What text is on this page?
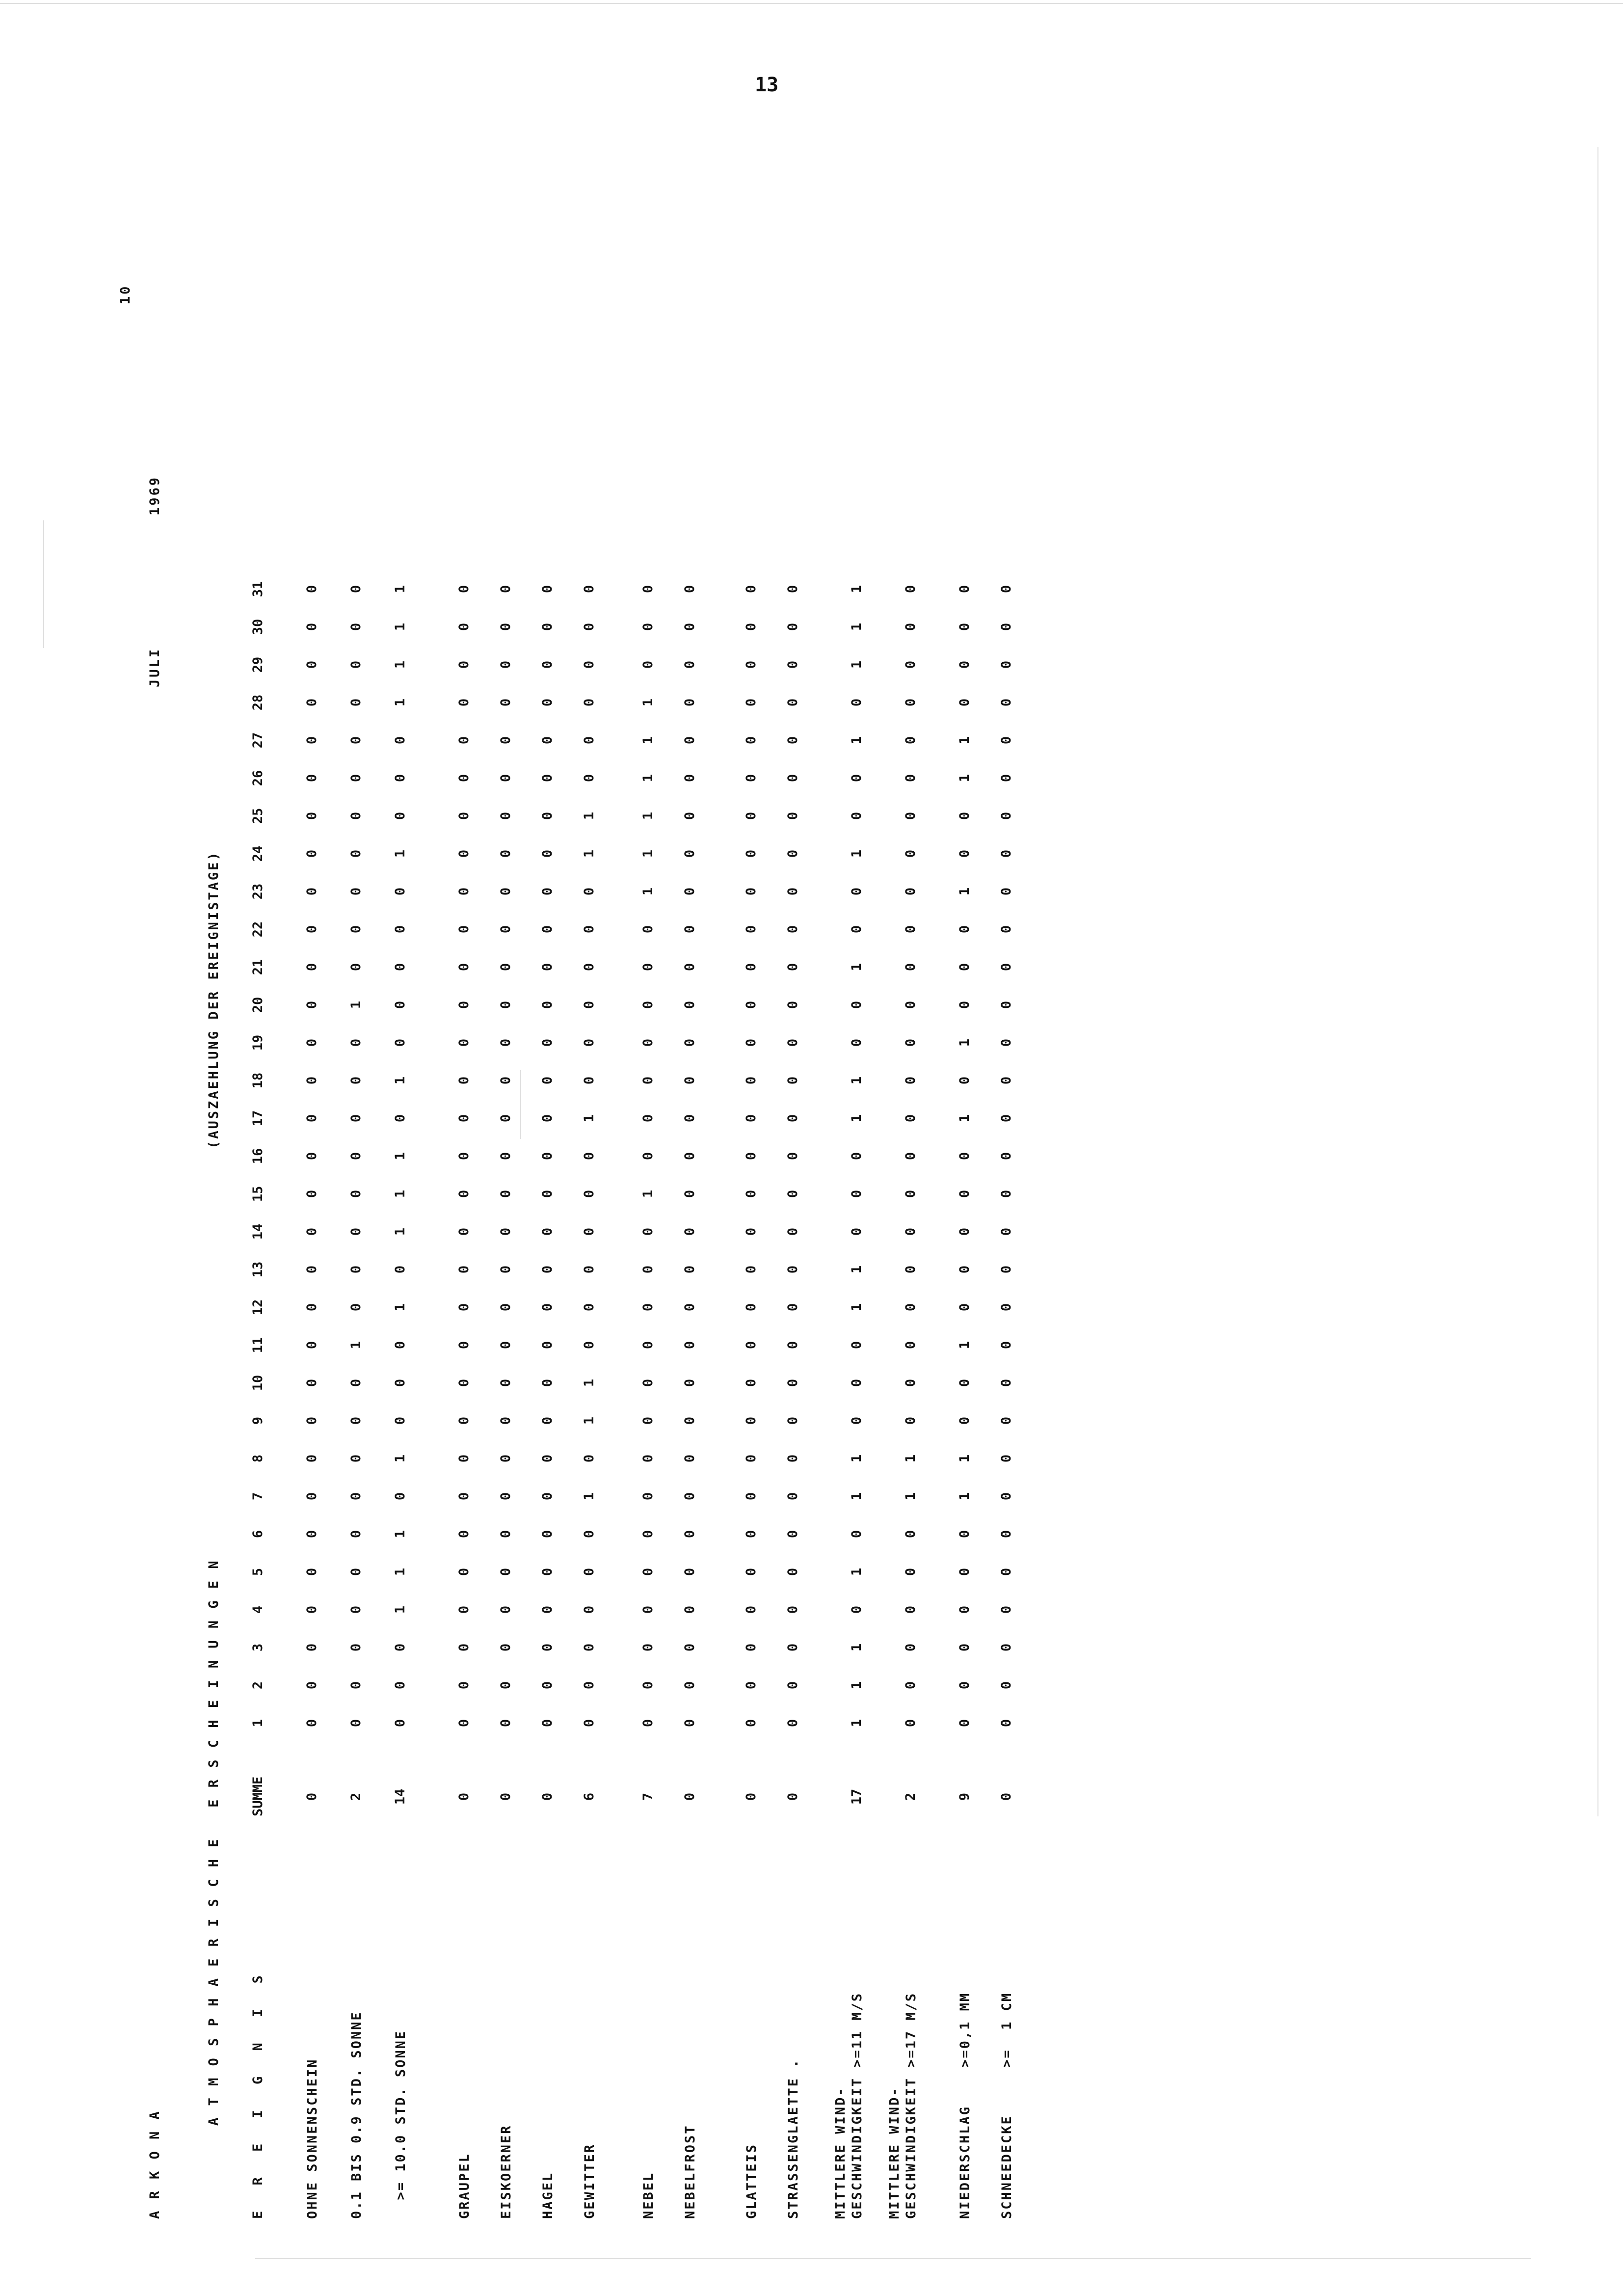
13
A R K O N A
JULI
1969
10
A T M O S P H A E R I S C H E   E R S C H E I N U N G E N
(AUSZAEHLUNG DER EREIGNISTAGE)
E R E I G N I S
SUMME
1
2
3
4
5
6
7
8
9
10
11
12
13
14
15
16
17
18
19
20
21
22
23
24
25
26
27
28
29
30
31
OHNE SONNENSCHEIN
0
0
0
0
0
0
0
0
0
0
0
0
0
0
0
0
0
0
0
0
0
0
0
0
0
0
0
0
0
0
0
0
0.1 BIS 0.9 STD. SONNE
2
0
0
0
0
0
0
0
0
0
0
1
0
0
0
0
0
0
0
0
1
0
0
0
0
0
0
0
0
0
0
0
>= 10.0 STD. SONNE
14
0
0
0
1
1
1
0
1
0
0
0
1
0
1
1
1
0
1
0
0
0
0
0
1
0
0
0
1
1
1
1
GRAUPEL
0
0
0
0
0
0
0
0
0
0
0
0
0
0
0
0
0
0
0
0
0
0
0
0
0
0
0
0
0
0
0
0
EISKOERNER
0
0
0
0
0
0
0
0
0
0
0
0
0
0
0
0
0
0
0
0
0
0
0
0
0
0
0
0
0
0
0
0
HAGEL
0
0
0
0
0
0
0
0
0
0
0
0
0
0
0
0
0
0
0
0
0
0
0
0
0
0
0
0
0
0
0
0
GEWITTER
6
0
0
0
0
0
0
1
0
1
1
0
0
0
0
0
0
1
0
0
0
0
0
0
1
1
0
0
0
0
0
0
NEBEL
7
0
0
0
0
0
0
0
0
0
0
0
0
0
0
1
0
0
0
0
0
0
0
1
1
1
1
1
1
0
0
0
NEBELFROST
0
0
0
0
0
0
0
0
0
0
0
0
0
0
0
0
0
0
0
0
0
0
0
0
0
0
0
0
0
0
0
0
GLATTEIS
0
0
0
0
0
0
0
0
0
0
0
0
0
0
0
0
0
0
0
0
0
0
0
0
0
0
0
0
0
0
0
0
STRASSENGLAETTE .
0
0
0
0
0
0
0
0
0
0
0
0
0
0
0
0
0
0
0
0
0
0
0
0
0
0
0
0
0
0
0
0
MITTLERE WIND-
GESCHWINDIGKEIT >=11 M/S
17
1
1
1
0
1
0
1
1
0
0
0
1
1
0
0
0
1
1
0
0
1
0
0
1
0
0
1
0
1
1
1
MITTLERE WIND-
GESCHWINDIGKEIT >=17 M/S
2
0
0
0
0
0
0
1
1
0
0
0
0
0
0
0
0
0
0
0
0
0
0
0
0
0
0
0
0
0
0
0
NIEDERSCHLAG    >=0,1 MM
9
0
0
0
0
0
0
1
1
0
0
1
0
0
0
0
0
1
0
1
0
0
0
1
0
0
1
1
0
0
0
0
SCHNEEDECKE     >=  1 CM
0
0
0
0
0
0
0
0
0
0
0
0
0
0
0
0
0
0
0
0
0
0
0
0
0
0
0
0
0
0
0
0
